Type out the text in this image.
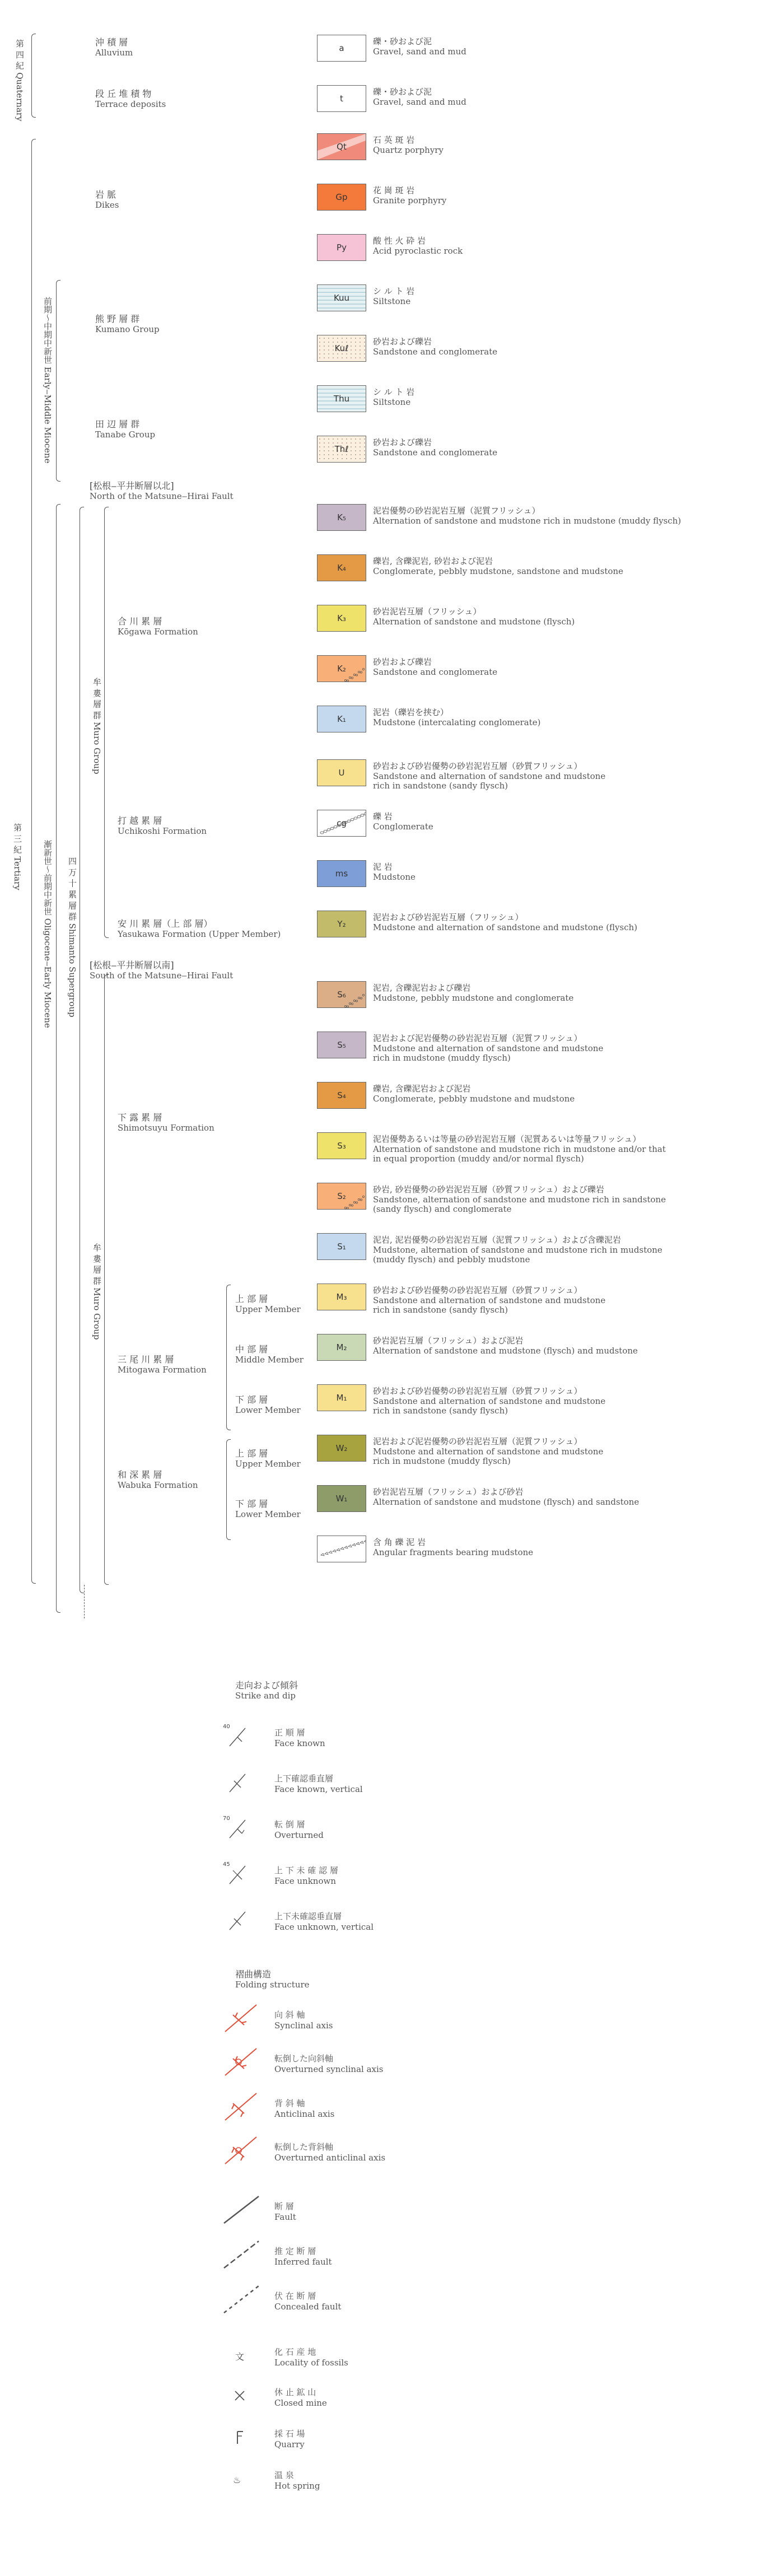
第 四 紀 Quaternary
第 三 紀 Tertiary
前期〜中期中新世 Early‒Middle Miocene
漸新世〜前期中新世 Oligocene‒Early Miocene 四 万 十 累 層 群 Shimanto Supergroup
牟 婁 層 群 Muro Group
牟 婁 層 群 Muro Group
沖 積 層
Alluvium
段 丘 堆 積 物
Terrace deposits
岩 脈
Dikes
熊 野 層 群
Kumano Group
田 辺 層 群
Tanabe Group
[松根‒平井断層以北]
North of the Matsune‒Hirai Fault
合 川 累 層
Kōgawa Formation
打 越 累 層
Uchikoshi Formation
安 川 累 層（上 部 層）
Yasukawa Formation (Upper Member)
[松根‒平井断層以南]
South of the Matsune‒Hirai Fault
下 露 累 層
Shimotsuyu Formation
三 尾 川 累 層
Mitogawa Formation
上 部 層
Upper Member
中 部 層
Middle Member
下 部 層
Lower Member
和 深 累 層
Wabuka Formation
上 部 層
Upper Member
下 部 層
Lower Member
a
礫・砂および泥
Gravel, sand and mud
t
礫・砂および泥
Gravel, sand and mud
Qt
石 英 斑 岩
Quartz porphyry
Gp
花 崗 斑 岩
Granite porphyry
Py
酸 性 火 砕 岩
Acid pyroclastic rock
Kuu
シ ル ト 岩
Siltstone
Kuℓ
砂岩および礫岩
Sandstone and conglomerate
Thu
シ ル ト 岩
Siltstone
Thℓ
砂岩および礫岩
Sandstone and conglomerate
K₅
泥岩優勢の砂岩泥岩互層（泥質フリッシュ）
Alternation of sandstone and mudstone rich in mudstone (muddy flysch)
K₄
礫岩, 含礫泥岩, 砂岩および泥岩
Conglomerate, pebbly mudstone, sandstone and mudstone
K₃
砂岩泥岩互層（フリッシュ）
Alternation of sandstone and mudstone (flysch)
K₂
砂岩および礫岩
Sandstone and conglomerate
K₁
泥岩（礫岩を挟む）
Mudstone (intercalating conglomerate)
U
砂岩および砂岩優勢の砂岩泥岩互層（砂質フリッシュ）
Sandstone and alternation of sandstone and mudstone
rich in sandstone (sandy flysch)
cg
礫 岩
Conglomerate
ms
泥 岩
Mudstone
Y₂
泥岩および砂岩泥岩互層（フリッシュ）
Mudstone and alternation of sandstone and mudstone (flysch)
S₆
泥岩, 含礫泥岩および礫岩
Mudstone, pebbly mudstone and conglomerate
S₅
泥岩および泥岩優勢の砂岩泥岩互層（泥質フリッシュ）
Mudstone and alternation of sandstone and mudstone
rich in mudstone (muddy flysch)
S₄
礫岩, 含礫泥岩および泥岩
Conglomerate, pebbly mudstone and mudstone
S₃
泥岩優勢あるいは等量の砂岩泥岩互層（泥質あるいは等量フリッシュ）
Alternation of sandstone and mudstone rich in mudstone and/or that
in equal proportion (muddy and/or normal flysch)
S₂
砂岩, 砂岩優勢の砂岩泥岩互層（砂質フリッシュ）および礫岩
Sandstone, alternation of sandstone and mudstone rich in sandstone
(sandy flysch) and conglomerate
S₁
泥岩, 泥岩優勢の砂岩泥岩互層（泥質フリッシュ）および含礫泥岩
Mudstone, alternation of sandstone and mudstone rich in mudstone
(muddy flysch) and pebbly mudstone
M₃
砂岩および砂岩優勢の砂岩泥岩互層（砂質フリッシュ）
Sandstone and alternation of sandstone and mudstone
rich in sandstone (sandy flysch)
M₂
砂岩泥岩互層（フリッシュ）および泥岩
Alternation of sandstone and mudstone (flysch) and mudstone
M₁
砂岩および砂岩優勢の砂岩泥岩互層（砂質フリッシュ）
Sandstone and alternation of sandstone and mudstone
rich in sandstone (sandy flysch)
W₂
泥岩および泥岩優勢の砂岩泥岩互層（泥質フリッシュ）
Mudstone and alternation of sandstone and mudstone
rich in mudstone (muddy flysch)
W₁
砂岩泥岩互層（フリッシュ）および砂岩
Alternation of sandstone and mudstone (flysch) and sandstone
含 角 礫 泥 岩
Angular fragments bearing mudstone
走向および傾斜
Strike and dip
褶曲構造
Folding structure
40
正 順 層
Face known
上下確認垂直層
Face known, vertical
70
転 倒 層
Overturned
45
上 下 未 確 認 層
Face unknown
上下未確認垂直層
Face unknown, vertical
向 斜 軸
Synclinal axis
転倒した向斜軸
Overturned synclinal axis
背 斜 軸
Anticlinal axis
転倒した背斜軸
Overturned anticlinal axis
断 層
Fault
推 定 断 層
Inferred fault
伏 在 断 層
Concealed fault
文	化 石 産 地
Locality of fossils
休 止 鉱 山
Closed mine
採 石 場
Quarry
♨	温 泉
Hot spring
